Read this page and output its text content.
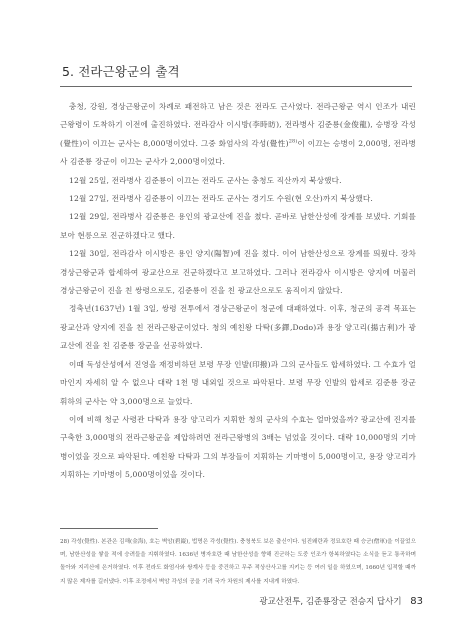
5. 전라근왕군의 출격

충청, 강원, 경상근왕군이 차례로 패전하고 남은 것은 전라도 근사였다. 전라근왕군 역시 인조가 내린 근왕령이 도착하기 이전에 출진하였다. 전라감사 이시방(李時昉), 전라병사 김준룡(金俊龍), 승병장 각성(覺性)이 이끄는 군사는 8,000명이었다. 그중 화엄사의 각성(覺性)$^{28)}$이 이끄는 승병이 2,000명, 전라병사 김준룡 장군이 이끄는 군사가 2,000명이었다.

12월 25일, 전라병사 김준룡이 이끄는 전라도 군사는 충청도 직산까지 북상했다.

12월 27일, 전라병사 김준룡이 이끄는 전라도 군사는 경기도 수원(현 오산)까지 북상했다.

12월 29일, 전라병사 김준룡은 용인의 광교산에 진을 쳤다. 곧바로 남한산성에 장계를 보냈다. 기회를 보아 현릉으로 진군하겠다고 했다.

12월 30일, 전라감사 이시방은 용인 양지(陽智)에 진을 쳤다. 이어 남한산성으로 장계를 띄웠다. 장차 경상근왕군과 합세하여 광교산으로 진군하겠다고 보고하였다. 그러나 전라감사 이시방은 양지에 머물러 경상근왕군이 진을 친 쌍령으로도, 김준룡이 진을 친 광교산으로도 움직이지 않았다.

정축년(1637년) 1월 3일, 쌍령 전투에서 경상근왕군이 청군에 대패하였다. 이후, 청군의 공격 목표는 광교산과 양지에 진을 친 전라근왕군이었다. 청의 예친왕 다탁(多鐸,Dodo)과 용장 양고리(揚古利)가 광교산에 진을 친 김준룡 장군을 선공하였다.

이때 독성산성에서 진영을 재정비하던 보령 무장 인발(印撥)과 그의 군사들도 합세하였다. 그 수효가 얼마인지 자세히 알 수 없으나 대략 1천 명 내외일 것으로 파악된다. 보령 무장 인발의 합세로 김준룡 장군 휘하의 군사는 약 3,000명으로 늘었다.

이에 비해 청군 사령관 다탁과 용장 양고리가 지휘한 청의 군사의 수효는 얼마였을까? 광교산에 진지를 구축한 3,000명의 전라근왕군을 제압하려면 전라근왕병의 3배는 넘었을 것이다. 대략 10,000명의 기마병이었을 것으로 파악된다. 예친왕 다탁과 그의 부장들이 지휘하는 기마병이 5,000명이고, 용장 양고리가 지휘하는 기마병이 5,000명이었을 것이다.

28) 각성(覺性). 본관은 김해(金海), 호는 벽암(碧巖), 법명은 각성(覺性). 충청북도 보은 출신이다. 임진왜란과 정묘호란 때 승군(僧軍)을 이끌었으며, 남한산성을 쌓을 적에 승려들을 지휘하였다. 1636년 병자호란 때 남한산성을 향해 진군하는 도중 인조가 항복하였다는 소식을 듣고 통곡하며 돌아와 지리산에 은거하였다. 이후 전라도 화엄사와 쌍계사 등을 중건하고 무주 적상산사고를 지키는 등 여러 일을 하였으며, 1660년 입적할 때까지 많은 제자를 길러냈다. 이후 조정에서 벽암 각성의 공을 기려 국가 차원의 제사를 지내게 하였다.
광교산전투, 김준룡장군 전승지 답사기 83
